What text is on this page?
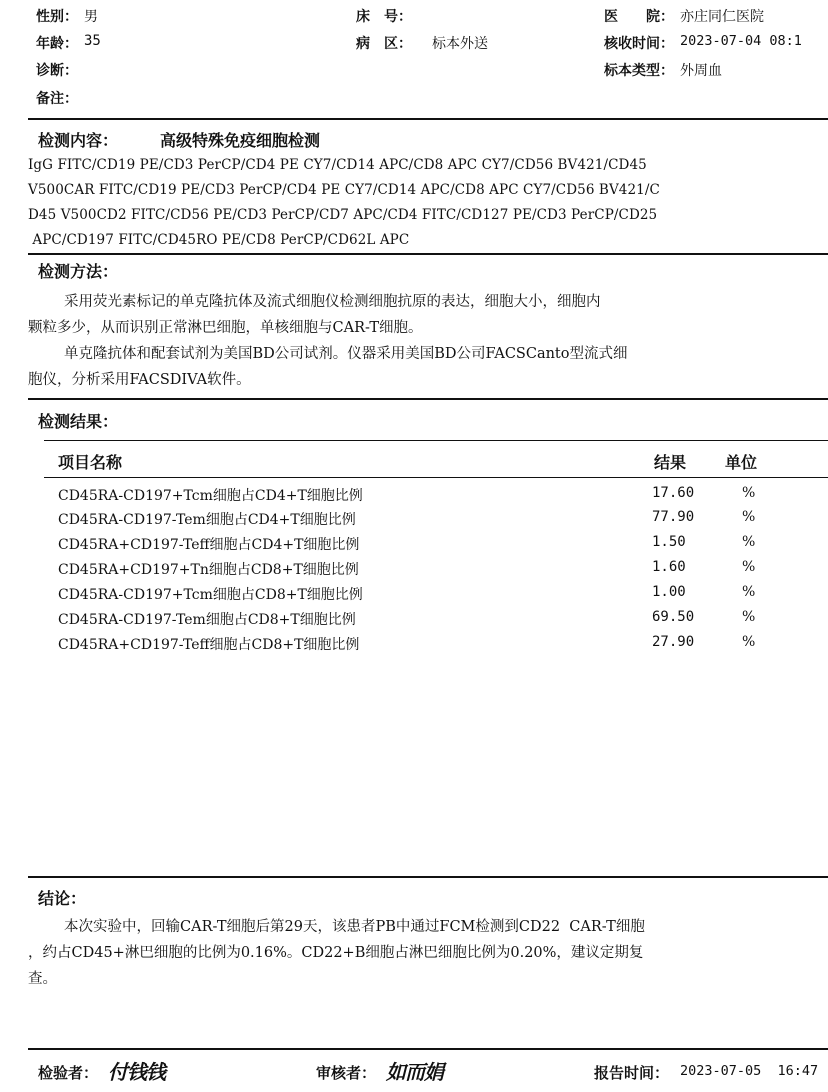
性别： 男
年龄： 35
诊断：
备注：
床　号：
病　区： 标本外送
医　　院： 亦庄同仁医院
核收时间： 2023-07-04 08:1
标本类型： 外周血
检测内容：	高级特殊免疫细胞检测
IgG FITC/CD19 PE/CD3 PerCP/CD4 PE CY7/CD14 APC/CD8 APC CY7/CD56 BV421/CD45
V500CAR FITC/CD19 PE/CD3 PerCP/CD4 PE CY7/CD14 APC/CD8 APC CY7/CD56 BV421/C
D45 V500CD2 FITC/CD56 PE/CD3 PerCP/CD7 APC/CD4 FITC/CD127 PE/CD3 PerCP/CD25
APC/CD197 FITC/CD45RO PE/CD8 PerCP/CD62L APC
检测方法：
采用荧光素标记的单克隆抗体及流式细胞仪检测细胞抗原的表达，细胞大小，细胞内
颗粒多少，从而识别正常淋巴细胞，单核细胞与CAR-T细胞。
单克隆抗体和配套试剂为美国BD公司试剂。仪器采用美国BD公司FACSCanto型流式细
胞仪，分析采用FACSDIVA软件。
检测结果：
项目名称	结果 单位
CD45RA-CD197+Tcm细胞占CD4+T细胞比例	17.60	%
CD45RA-CD197-Tem细胞占CD4+T细胞比例	77.90	%
CD45RA+CD197-Teff细胞占CD4+T细胞比例	1.50	%
CD45RA+CD197+Tn细胞占CD8+T细胞比例	1.60	%
CD45RA-CD197+Tcm细胞占CD8+T细胞比例	1.00	%
CD45RA-CD197-Tem细胞占CD8+T细胞比例	69.50	%
CD45RA+CD197-Teff细胞占CD8+T细胞比例	27.90	%
结论：
本次实验中，回输CAR-T细胞后第29天，该患者PB中通过FCM检测到CD22  CAR-T细胞
，约占CD45+淋巴细胞的比例为0.16%。CD22+B细胞占淋巴细胞比例为0.20%，建议定期复
查。
检验者： 付钱钱	审核者： 如而娟	报告时间： 2023-07-05  16:47
